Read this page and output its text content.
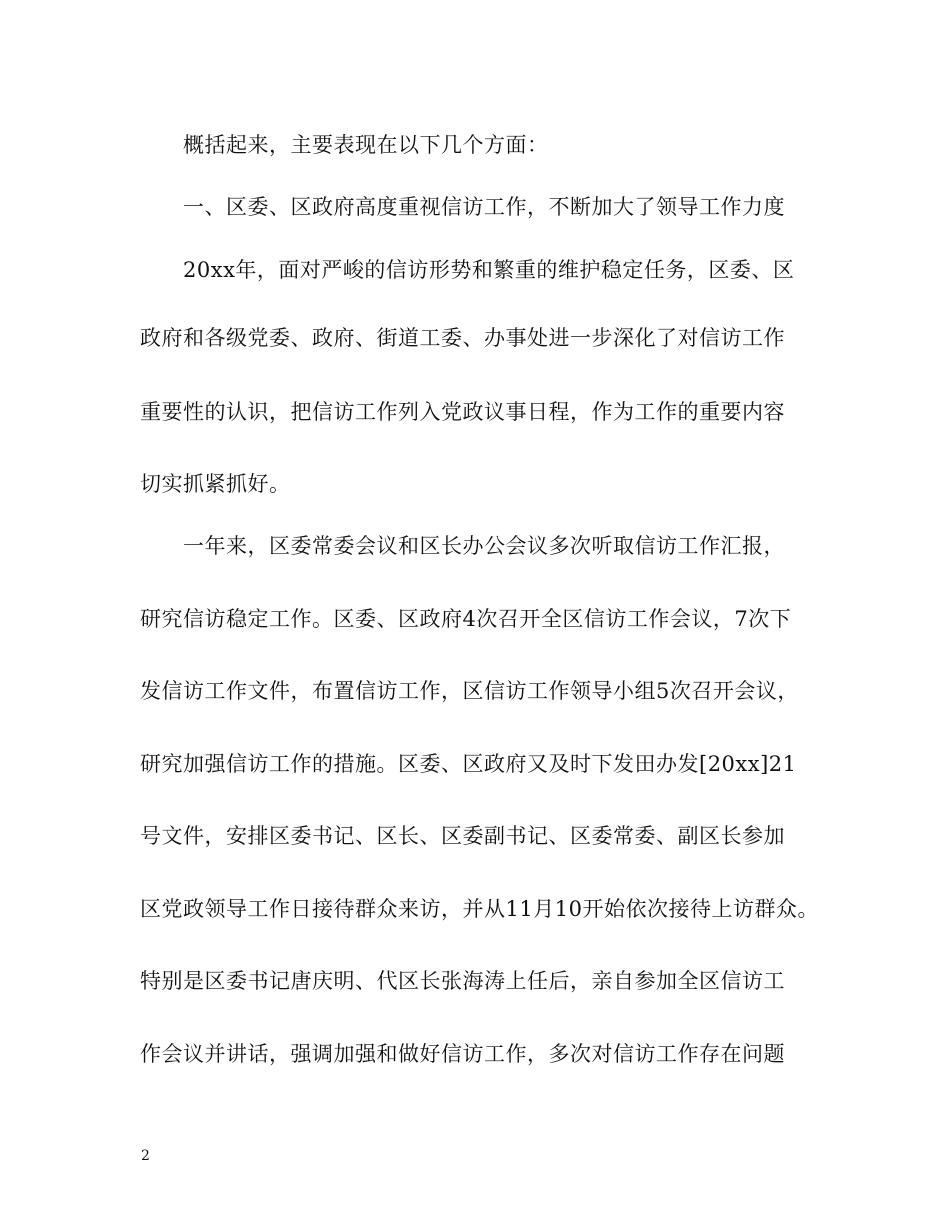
概括起来，主要表现在以下几个方面：
一、区委、区政府高度重视信访工作，不断加大了领导工作力度
20xx年，面对严峻的信访形势和繁重的维护稳定任务，区委、区
政府和各级党委、政府、街道工委、办事处进一步深化了对信访工作
重要性的认识，把信访工作列入党政议事日程，作为工作的重要内容
切实抓紧抓好。
一年来，区委常委会议和区长办公会议多次听取信访工作汇报，
研究信访稳定工作。区委、区政府4次召开全区信访工作会议，7次下
发信访工作文件，布置信访工作，区信访工作领导小组5次召开会议，
研究加强信访工作的措施。区委、区政府又及时下发田办发[20xx]21
号文件，安排区委书记、区长、区委副书记、区委常委、副区长参加
区党政领导工作日接待群众来访，并从11月10开始依次接待上访群众。
特别是区委书记唐庆明、代区长张海涛上任后，亲自参加全区信访工
作会议并讲话，强调加强和做好信访工作，多次对信访工作存在问题
2
